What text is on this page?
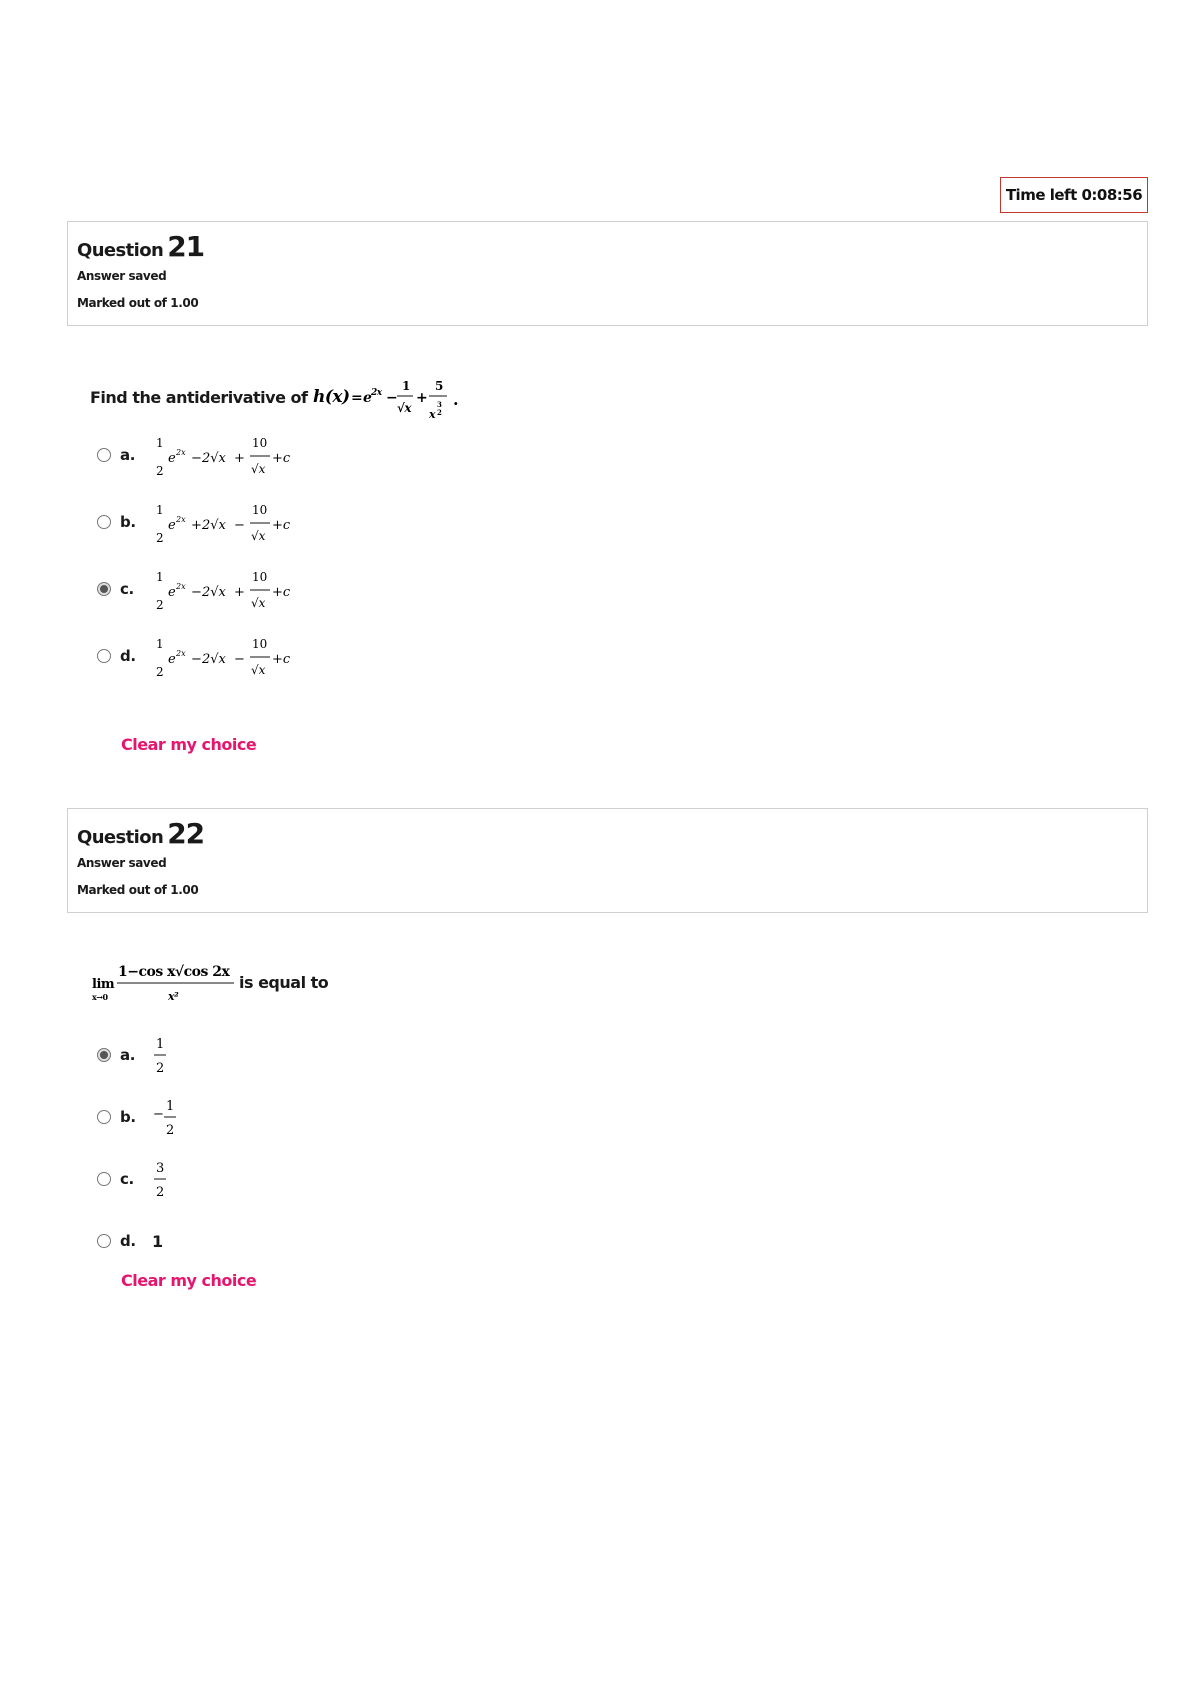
Time left 0:08:56
Question 21
Answer saved
Marked out of 1.00
Find the antiderivative of h(x) = e 2x −
1
√x
+
5
x
3
2
.
a.
1
2
e 2x − 2√x +
10
√x
+c
b.
1
2
e 2x + 2√x −
10
√x
+c
c.
1
2
e 2x − 2√x +
10
√x
+c
d.
1
2
e 2x − 2√x −
10
√x
+c
Clear my choice
Question 22
Answer saved
Marked out of 1.00
lim
x→0
1−cos x√cos 2x
x²
is equal to
a.
1
2
b.	−
1
2
c.
3
2
d.	1
Clear my choice
